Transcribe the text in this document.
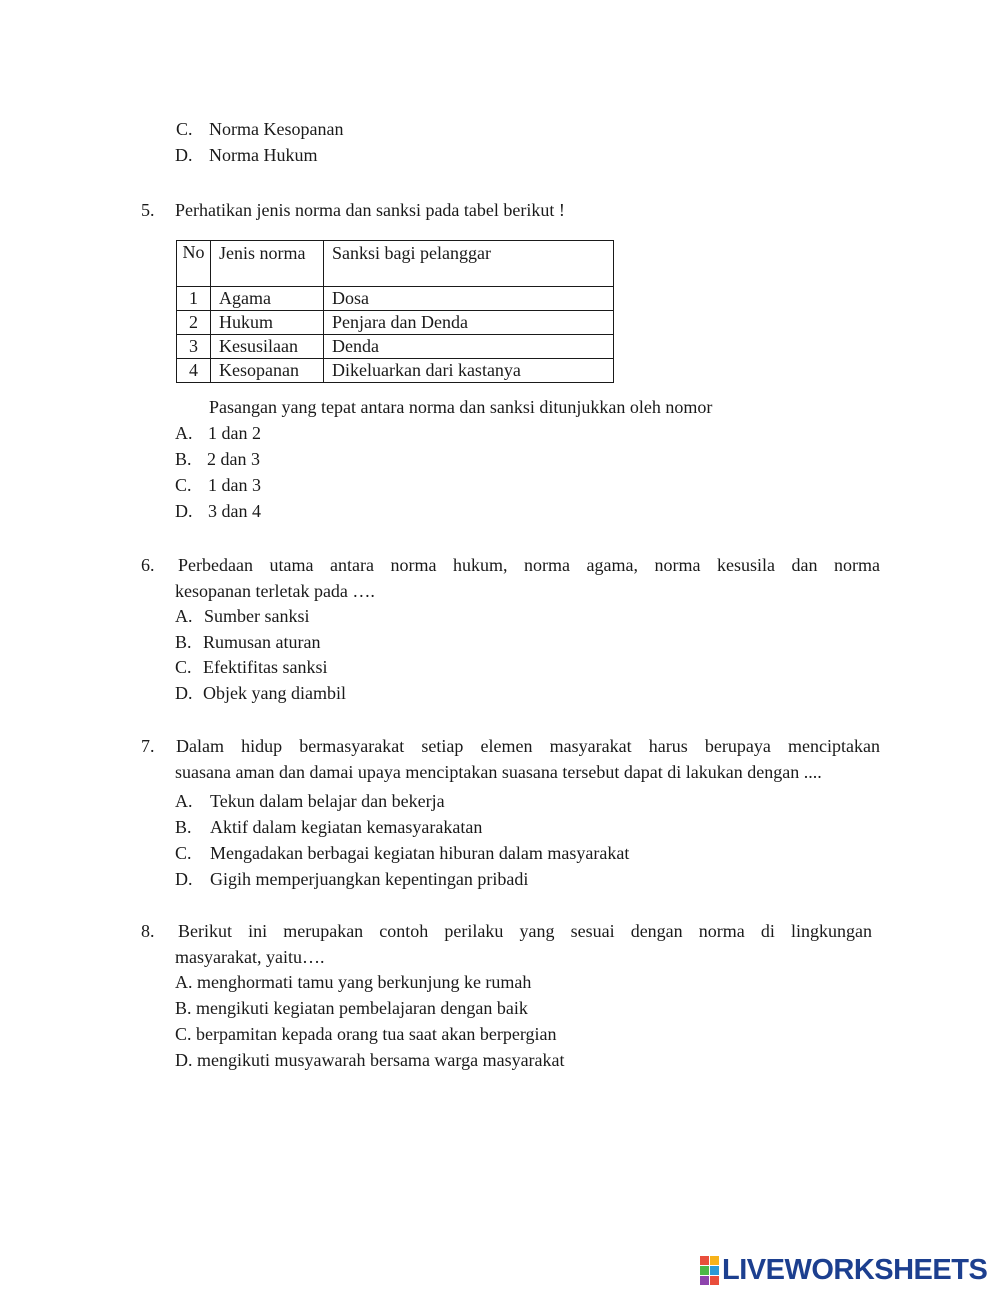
C. Norma Kesopanan
D. Norma Hukum
5. Perhatikan jenis norma dan sanksi pada tabel berikut !
No	Jenis norma	Sanksi bagi pelanggar
1	Agama	Dosa
2	Hukum	Penjara dan Denda
3	Kesusilaan	Denda
4	Kesopanan	Dikeluarkan dari kastanya
Pasangan yang tepat antara norma dan sanksi ditunjukkan oleh nomor
A. 1 dan 2
B. 2 dan 3
C. 1 dan 3
D. 3 dan 4
6. Perbedaan utama antara norma hukum, norma agama, norma kesusila dan norma
kesopanan terletak pada ….
A. Sumber sanksi
B. Rumusan aturan
C. Efektifitas sanksi
D. Objek yang diambil
7. Dalam hidup bermasyarakat setiap elemen masyarakat harus berupaya menciptakan
suasana aman dan damai upaya menciptakan suasana tersebut dapat di lakukan dengan ....
A. Tekun dalam belajar dan bekerja
B. Aktif dalam kegiatan kemasyarakatan
C. Mengadakan berbagai kegiatan hiburan dalam masyarakat
D. Gigih memperjuangkan kepentingan pribadi
8. Berikut ini merupakan contoh perilaku yang sesuai dengan norma di lingkungan
masyarakat, yaitu….
A. menghormati tamu yang berkunjung ke rumah
B. mengikuti kegiatan pembelajaran dengan baik
C. berpamitan kepada orang tua saat akan berpergian
D. mengikuti musyawarah bersama warga masyarakat
LIVEWORKSHEETS
